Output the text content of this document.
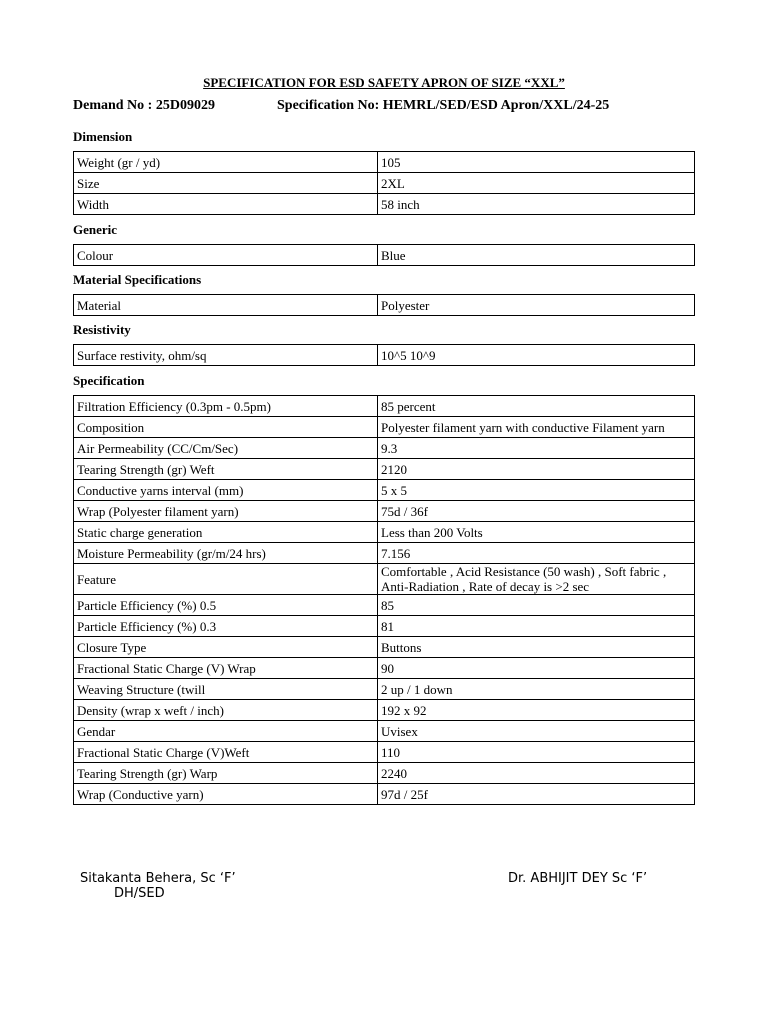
SPECIFICATION FOR ESD SAFETY APRON OF SIZE “XXL”
Demand No : 25D09029	Specification No: HEMRL/SED/ESD Apron/XXL/24-25
Dimension
Weight (gr / yd)	105
Size	2XL
Width	58 inch
Generic
Colour	Blue
Material Specifications
Material	Polyester
Resistivity
Surface restivity, ohm/sq	10^5 10^9
Specification
Filtration Efficiency (0.3pm - 0.5pm)	85 percent
Composition	Polyester filament yarn with conductive Filament yarn
Air Permeability (CC/Cm/Sec)	9.3
Tearing Strength (gr) Weft	2120
Conductive yarns interval (mm)	5 x 5
Wrap (Polyester filament yarn)	75d / 36f
Static charge generation	Less than 200 Volts
Moisture Permeability (gr/m/24 hrs)	7.156
Feature	Comfortable , Acid Resistance (50 wash) , Soft fabric , Anti-Radiation , Rate of decay is >2 sec
Particle Efficiency (%) 0.5	85
Particle Efficiency (%) 0.3	81
Closure Type	Buttons
Fractional Static Charge (V) Wrap	90
Weaving Structure (twill	2 up / 1 down
Density (wrap x weft / inch)	192 x 92
Gendar	Uvisex
Fractional Static Charge (V)Weft	110
Tearing Strength (gr) Warp	2240
Wrap (Conductive yarn)	97d / 25f
Sitakanta Behera, Sc ‘F’
DH/SED
Dr. ABHIJIT DEY Sc ‘F’
